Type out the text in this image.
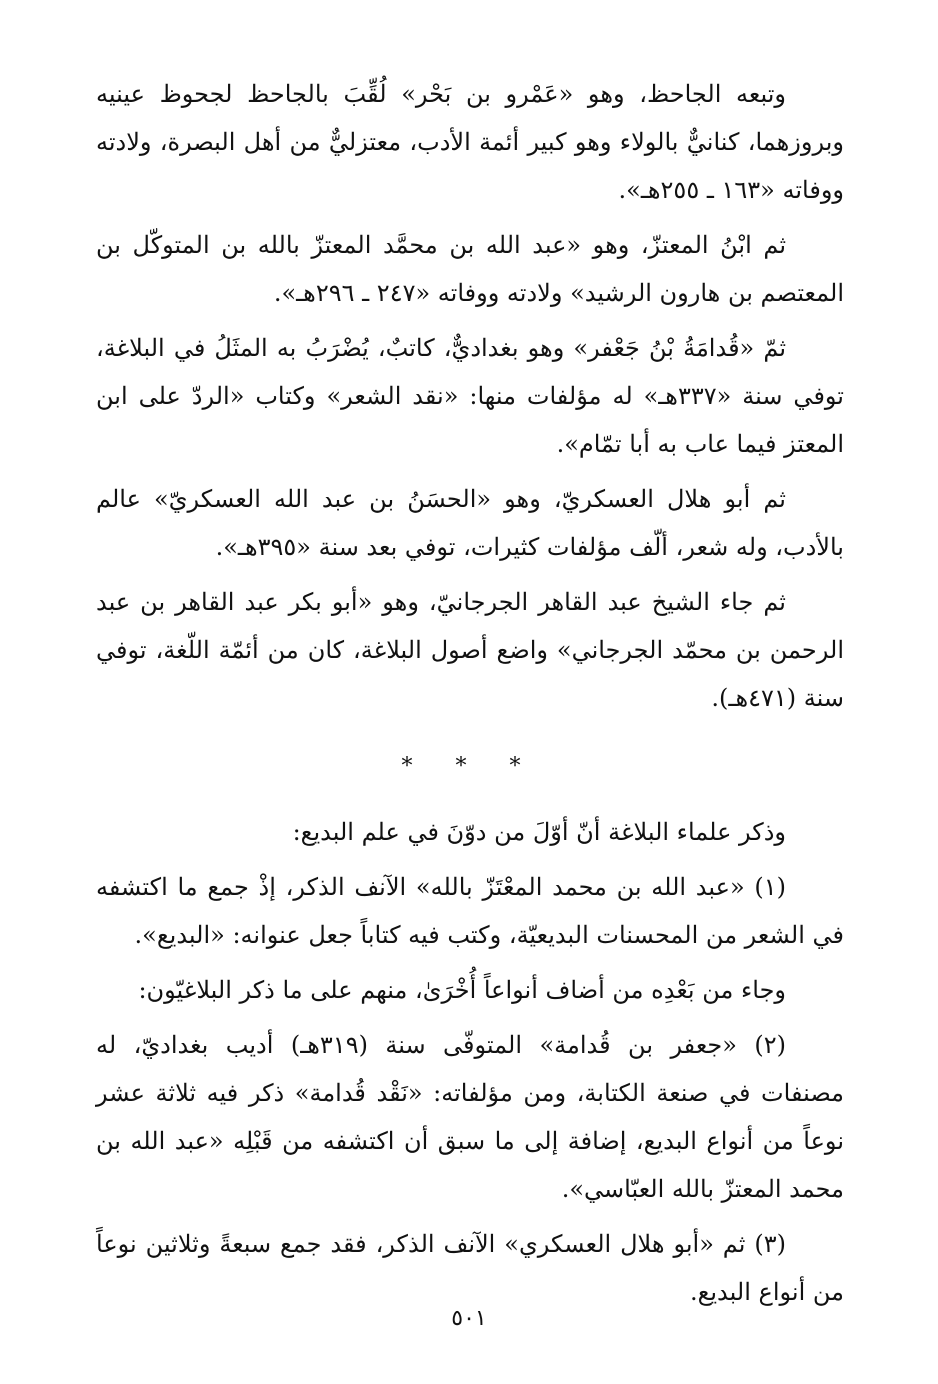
وتبعه الجاحظ، وهو «عَمْرو بن بَحْر» لُقِّبَ بالجاحظ لجحوظ عينيه وبروزهما، كنانيٌّ بالولاء وهو كبير أئمة الأدب، معتزليٌّ من أهل البصرة، ولادته ووفاته «١٦٣ ـ ٢٥٥هـ».

ثم ابْنُ المعتزّ، وهو «عبد الله بن محمَّد المعتزّ بالله بن المتوكّل بن المعتصم بن هارون الرشيد» ولادته ووفاته «٢٤٧ ـ ٢٩٦هـ».

ثمّ «قُدامَةُ بْنُ جَعْفر» وهو بغداديٌّ، كاتبٌ، يُضْرَبُ به المثَلُ في البلاغة، توفي سنة «٣٣٧هـ» له مؤلفات منها: «نقد الشعر» وكتاب «الردّ على ابن المعتز فيما عاب به أبا تمّام».

ثم أبو هلال العسكريّ، وهو «الحسَنُ بن عبد الله العسكريّ» عالم بالأدب، وله شعر، ألّف مؤلفات كثيرات، توفي بعد سنة «٣٩٥هـ».

ثم جاء الشيخ عبد القاهر الجرجانيّ، وهو «أبو بكر عبد القاهر بن عبد الرحمن بن محمّد الجرجاني» واضع أصول البلاغة، كان من أئمّة اللّغة، توفي سنة (٤٧١هـ).

* * *

وذكر علماء البلاغة أنّ أوّلَ من دوّنَ في علم البديع:

(١) «عبد الله بن محمد المعْتَزّ بالله» الآنف الذكر، إذْ جمع ما اكتشفه في الشعر من المحسنات البديعيّة، وكتب فيه كتاباً جعل عنوانه: «البديع».

وجاء من بَعْدِه من أضاف أنواعاً أُخْرَىٰ، منهم على ما ذكر البلاغيّون:

(٢) «جعفر بن قُدامة» المتوفّى سنة (٣١٩هـ) أديب بغداديّ، له مصنفات في صنعة الكتابة، ومن مؤلفاته: «نَقْد قُدامة» ذكر فيه ثلاثة عشر نوعاً من أنواع البديع، إضافة إلى ما سبق أن اكتشفه من قَبْلِه «عبد الله بن محمد المعتزّ بالله العبّاسي».

(٣) ثم «أبو هلال العسكري» الآنف الذكر، فقد جمع سبعةً وثلاثين نوعاً من أنواع البديع.

٥٠١
